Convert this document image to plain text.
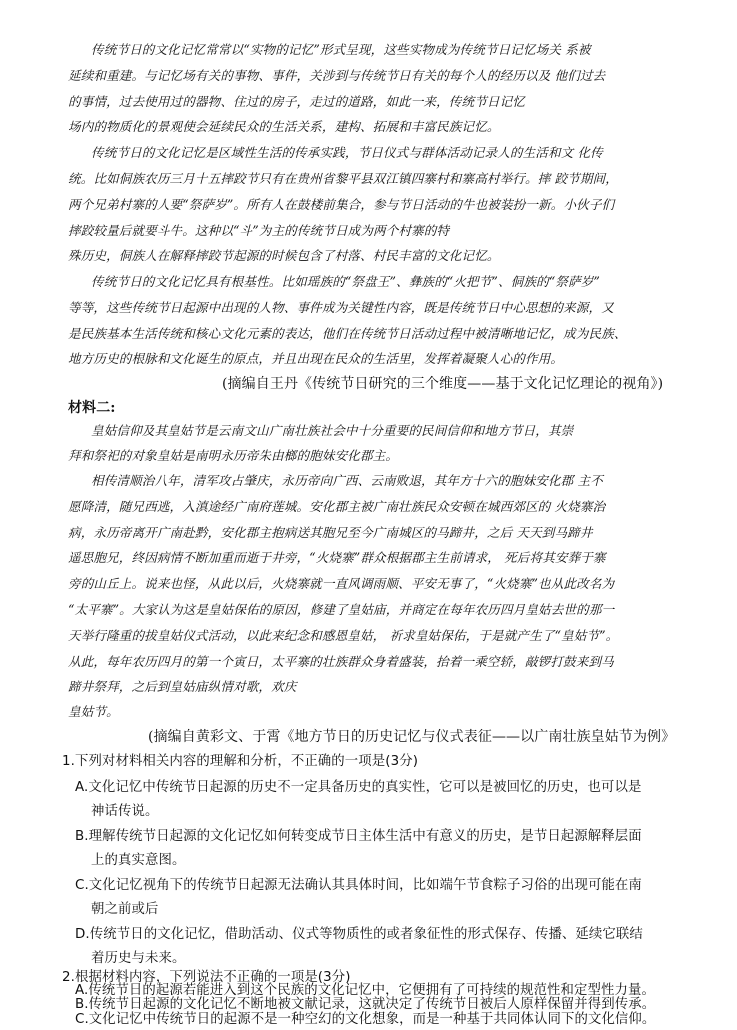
传统节日的文化记忆常常以“实物的记忆”形式呈现，这些实物成为传统节日记忆场关 系被
延续和重建。与记忆场有关的事物、事件，关涉到与传统节日有关的每个人的经历以及 他们过去
的事情，过去使用过的器物、住过的房子，走过的道路，如此一来，传统节日记忆
场内的物质化的景观使会延续民众的生活关系，建构、拓展和丰富民族记忆。
传统节日的文化记忆是区域性生活的传承实践，节日仪式与群体活动记录人的生活和文 化传
统。比如侗族农历三月十五摔跤节只有在贵州省黎平县双江镇四寨村和寨高村举行。摔 跤节期间，
两个兄弟村寨的人要“祭萨岁”。所有人在鼓楼前集合，参与节日活动的牛也被装扮一新。小伙子们
摔跤较量后就要斗牛。这种以“斗”为主的传统节日成为两个村寨的特
殊历史，侗族人在解释摔跤节起源的时候包含了村落、村民丰富的文化记忆。
传统节日的文化记忆具有根基性。比如瑶族的“祭盘王”、彝族的“火把节”、侗族的“祭萨岁”
等等，这些传统节日起源中出现的人物、事件成为关键性内容，既是传统节日中心思想的来源，又
是民族基本生活传统和核心文化元素的表达，他们在传统节日活动过程中被清晰地记忆，成为民族、
地方历史的根脉和文化诞生的原点，并且出现在民众的生活里，发挥着凝聚人心的作用。
(摘编自王丹《传统节日研究的三个维度——基于文化记忆理论的视角》)
材料二:
皇姑信仰及其皇姑节是云南文山广南壮族社会中十分重要的民间信仰和地方节日，其崇
拜和祭祀的对象皇姑是南明永历帝朱由榔的胞妹安化郡主。
相传清顺治八年，清军攻占肇庆，永历帝向广西、云南败退，其年方十六的胞妹安化郡 主不
愿降清，随兄西逃，入滇途经广南府莲城。安化郡主被广南壮族民众安顿在城西郊区的 火烧寨治
病，永历帝离开广南赴黔，安化郡主抱病送其胞兄至今广南城区的马蹄井，之后 天天到马蹄井
遥思胞兄，终因病情不断加重而逝于井旁，“火烧寨”群众根据郡主生前请求， 死后将其安葬于寨
旁的山丘上。说来也怪，从此以后，火烧寨就一直风调雨顺、平安无事了，“火烧寨”也从此改名为
“太平寨”。大家认为这是皇姑保佑的原因，修建了皇姑庙，并商定在每年农历四月皇姑去世的那一
天举行隆重的拔皇姑仪式活动，以此来纪念和感恩皇姑， 祈求皇姑保佑，于是就产生了“皇姑节”。
从此，每年农历四月的第一个寅日，太平寨的壮族群众身着盛装，抬着一乘空轿，敲锣打鼓来到马
蹄井祭拜，之后到皇姑庙纵情对歌，欢庆
皇姑节。
(摘编自黄彩文、于霄《地方节日的历史记忆与仪式表征——以广南壮族皇姑节为例》
1.下列对材料相关内容的理解和分析，不正确的一项是(3分)
A.文化记忆中传统节日起源的历史不一定具备历史的真实性，它可以是被回忆的历史，也可以是
神话传说。
B.理解传统节日起源的文化记忆如何转变成节日主体生活中有意义的历史，是节日起源解释层面
上的真实意图。
C.文化记忆视角下的传统节日起源无法确认其具体时间，比如端午节食粽子习俗的出现可能在南
朝之前或后
D.传统节日的文化记忆，借助活动、仪式等物质性的或者象征性的形式保存、传播、延续它联结
着历史与未来。
2.根据材料内容，下列说法不正确的一项是(3分)
A.传统节日的起源若能进入到这个民族的文化记忆中，它便拥有了可持续的规范性和定型性力量。
B.传统节日起源的文化记忆不断地被文献记录，这就决定了传统节日被后人原样保留并得到传承。
C.文化记忆中传统节日的起源不是一种空幻的文化想象，而是一种基于共同体认同下的文化信仰。
